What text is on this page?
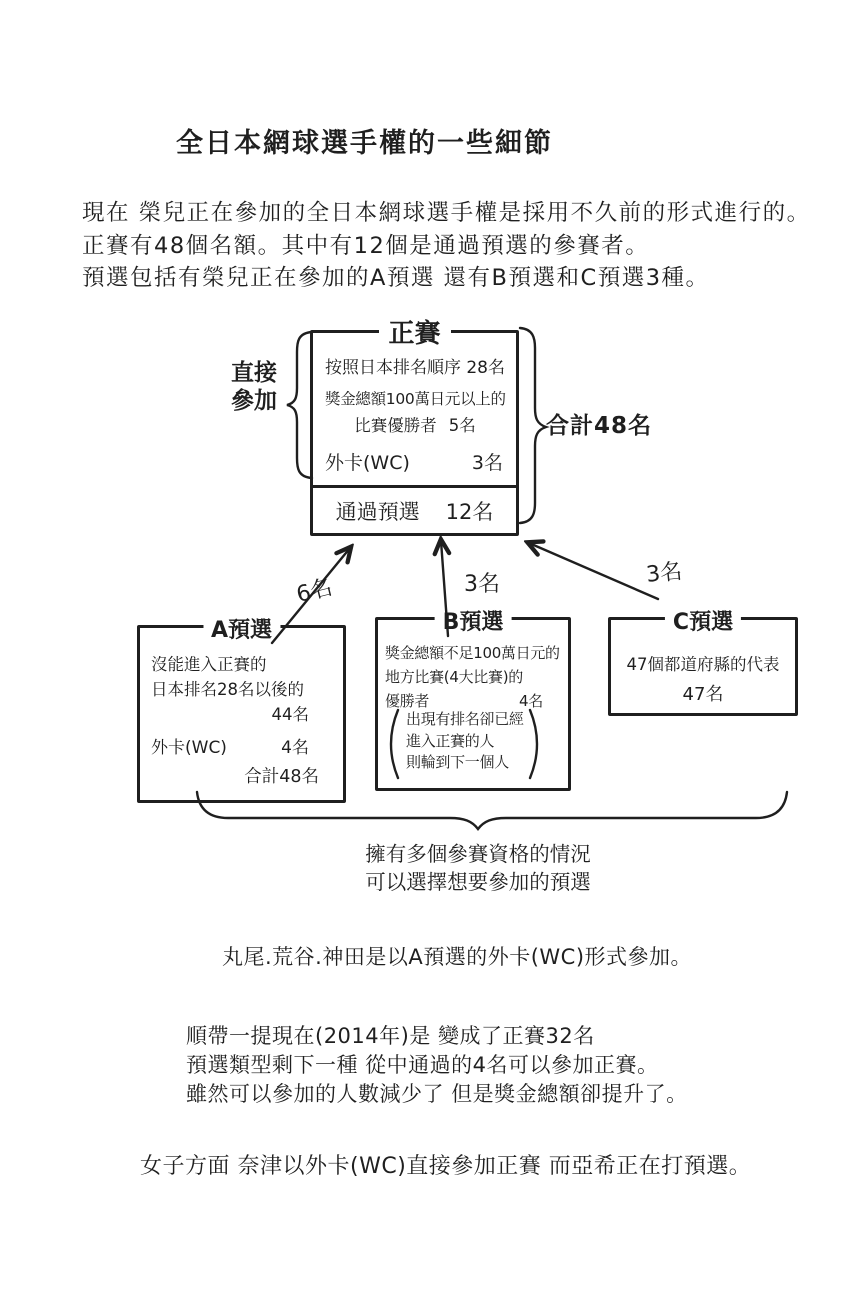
全日本網球選手權的一些細節
現在 榮兒正在參加的全日本網球選手權是採用不久前的形式進行的。
正賽有48個名額。其中有12個是通過預選的參賽者。
預選包括有榮兒正在參加的A預選 還有B預選和C預選3種。
正賽
按照日本排名順序 28名
獎金總額100萬日元以上的
比賽優勝者 5名
外卡(WC)	3名
通過預選 12名
直接
參加
合計48名
6名	3名	3名
A預選
沒能進入正賽的
日本排名28名以後的
44名
外卡(WC)	4名
合計48名
B預選
獎金總額不足100萬日元的
地方比賽(4大比賽)的
優勝者	4名
出現有排名卻已經
進入正賽的人
則輪到下一個人
C預選
47個都道府縣的代表
47名
擁有多個參賽資格的情況
可以選擇想要參加的預選
丸尾.荒谷.神田是以A預選的外卡(WC)形式參加。
順帶一提現在(2014年)是 變成了正賽32名
預選類型剩下一種 從中通過的4名可以參加正賽。
雖然可以參加的人數減少了 但是獎金總額卻提升了。
女子方面 奈津以外卡(WC)直接參加正賽 而亞希正在打預選。
